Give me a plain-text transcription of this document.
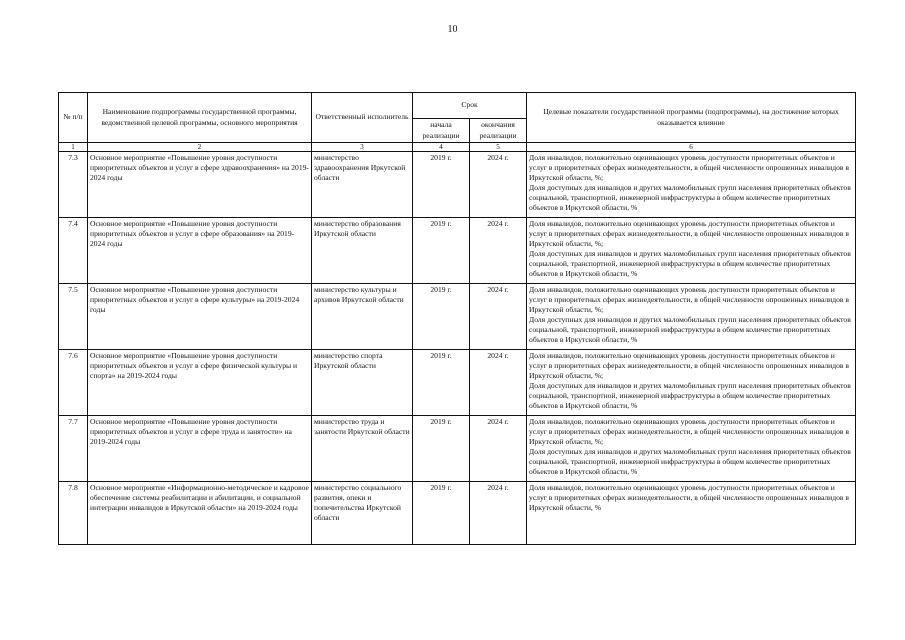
10
№ п/п	Наименование подпрограммы государственной программы, ведомственной целевой программы, основного мероприятия	Ответственный исполнитель	Срок		Целевые показатели государственной программы (подпрограммы), на достижение которых оказывается влияние
			начала реализации	окончания реализации	
1	2	3	4	5	6
7.3	Основное мероприятие «Повышение уровня доступности приоритетных объектов и услуг в сфере здравоохранения» на 2019-2024 годы	министерство здравоохранения Иркутской области	2019 г.	2024 г.	Доля инвалидов, положительно оценивающих уровень доступности приоритетных объектов и услуг в приоритетных сферах жизнедеятельности, в общей численности опрошенных инвалидов в Иркутской области, %;
Доля доступных для инвалидов и других маломобильных групп населения приоритетных объектов социальной, транспортной, инженерной инфраструктуры в общем количестве приоритетных объектов в Иркутской области, %

7.4	Основное мероприятие «Повышение уровня доступности приоритетных объектов и услуг в сфере образования» на 2019-2024 годы	министерство образования Иркутской области	2019 г.	2024 г.	Доля инвалидов, положительно оценивающих уровень доступности приоритетных объектов и услуг в приоритетных сферах жизнедеятельности, в общей численности опрошенных инвалидов в Иркутской области, %;
Доля доступных для инвалидов и других маломобильных групп населения приоритетных объектов социальной, транспортной, инженерной инфраструктуры в общем количестве приоритетных объектов в Иркутской области, %

7.5	Основное мероприятие «Повышение уровня доступности приоритетных объектов и услуг в сфере культуры» на 2019-2024 годы	министерство культуры и архивов Иркутской области	2019 г.	2024 г.	Доля инвалидов, положительно оценивающих уровень доступности приоритетных объектов и услуг в приоритетных сферах жизнедеятельности, в общей численности опрошенных инвалидов в Иркутской области, %;
Доля доступных для инвалидов и других маломобильных групп населения приоритетных объектов социальной, транспортной, инженерной инфраструктуры в общем количестве приоритетных объектов в Иркутской области, %

7.6	Основное мероприятие «Повышение уровня доступности приоритетных объектов и услуг в сфере физической культуры и спорта» на 2019-2024 годы	министерство спорта Иркутской области	2019 г.	2024 г.	Доля инвалидов, положительно оценивающих уровень доступности приоритетных объектов и услуг в приоритетных сферах жизнедеятельности, в общей численности опрошенных инвалидов в Иркутской области, %;
Доля доступных для инвалидов и других маломобильных групп населения приоритетных объектов социальной, транспортной, инженерной инфраструктуры в общем количестве приоритетных объектов в Иркутской области, %

7.7	Основное мероприятие «Повышение уровня доступности приоритетных объектов и услуг в сфере труда и занятости» на 2019-2024 годы	министерство труда и занятости Иркутской области	2019 г.	2024 г.	Доля инвалидов, положительно оценивающих уровень доступности приоритетных объектов и услуг в приоритетных сферах жизнедеятельности, в общей численности опрошенных инвалидов в Иркутской области, %;
Доля доступных для инвалидов и других маломобильных групп населения приоритетных объектов социальной, транспортной, инженерной инфраструктуры в общем количестве приоритетных объектов в Иркутской области, %

7.8	Основное мероприятие «Информационно-методическое и кадровое обеспечение системы реабилитации и абилитации, и социальной интеграции инвалидов в Иркутской области» на 2019-2024 годы	министерство социального развития, опеки и попечительства Иркутской области	2019 г.	2024 г.	Доля инвалидов, положительно оценивающих уровень доступности приоритетных объектов и услуг в приоритетных сферах жизнедеятельности, в общей численности опрошенных инвалидов в Иркутской области, %
